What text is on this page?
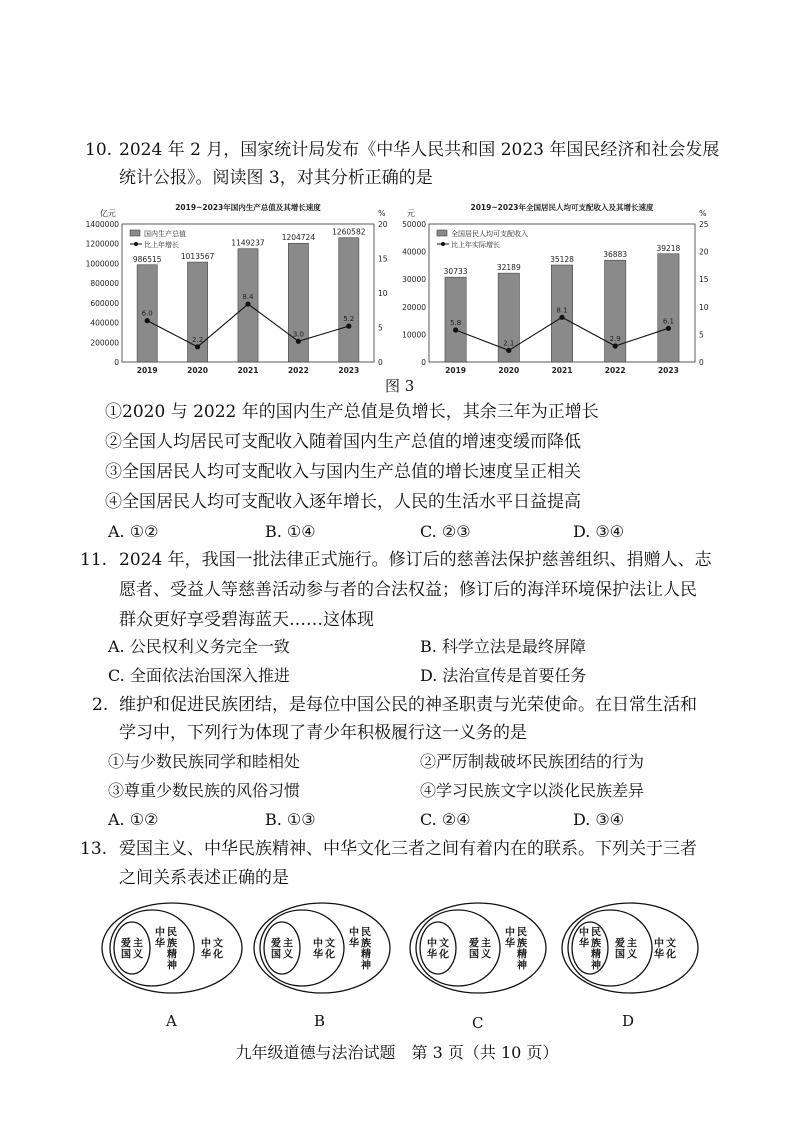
10. 2024 年 2 月，国家统计局发布《中华人民共和国 2023 年国民经济和社会发展
统计公报》。阅读图 3，对其分析正确的是
2019~2023年国内生产总值及其增长速度
亿元	%
1400000
1200000
1000000
800000
600000
400000
200000
0
20
15
10
5
0
986515
2019
1013567
2020
1149237
2021
1204724
2022
1260582
2023
6.0
2.2
8.4
3.0
5.2
国内生产总值
比上年增长
2019~2023年全国居民人均可支配收入及其增长速度
元	%
50000
40000
30000
20000
10000
0
25
20
15
10
5
0
30733
2019
32189
2020
35128
2021
36883
2022
39218
2023
5.8
2.1
8.1
2.9
6.1
全国居民人均可支配收入
比上年实际增长
图 3
①2020 与 2022 年的国内生产总值是负增长，其余三年为正增长
②全国人均居民可支配收入随着国内生产总值的增速变缓而降低
③全国居民人均可支配收入与国内生产总值的增长速度呈正相关
④全国居民人均可支配收入逐年增长，人民的生活水平日益提高
A. ①②	B. ①④	C. ②③	D. ③④
11. 2024 年，我国一批法律正式施行。修订后的慈善法保护慈善组织、捐赠人、志
愿者、受益人等慈善活动参与者的合法权益；修订后的海洋环境保护法让人民
群众更好享受碧海蓝天……这体现
A. 公民权利义务完全一致	B. 科学立法是最终屏障
C. 全面依法治国深入推进	D. 法治宣传是首要任务
2. 维护和促进民族团结，是每位中国公民的神圣职责与光荣使命。在日常生活和
学习中，下列行为体现了青少年积极履行这一义务的是
①与少数民族同学和睦相处	②严厉制裁破坏民族团结的行为
③尊重少数民族的风俗习惯	④学习民族文字以淡化民族差异
A. ①②	B. ①③	C. ②④	D. ③④
13. 爱国主义、中华民族精神、中华文化三者之间有着内在的联系。下列关于三者
之间关系表述正确的是
爱
国
主
义
中
华
民
族
精
神
中
华
文
化
爱
国
主
义
中
华
文
化
中
华
民
族
精
神
中
华
文
化
爱
国
主
义
中
华
民
族
精
神
中
华
民
族
精
神
爱
国
主
义
中
华
文
化
A	B	C	D
九年级道德与法治试题　第 3 页（共 10 页）
